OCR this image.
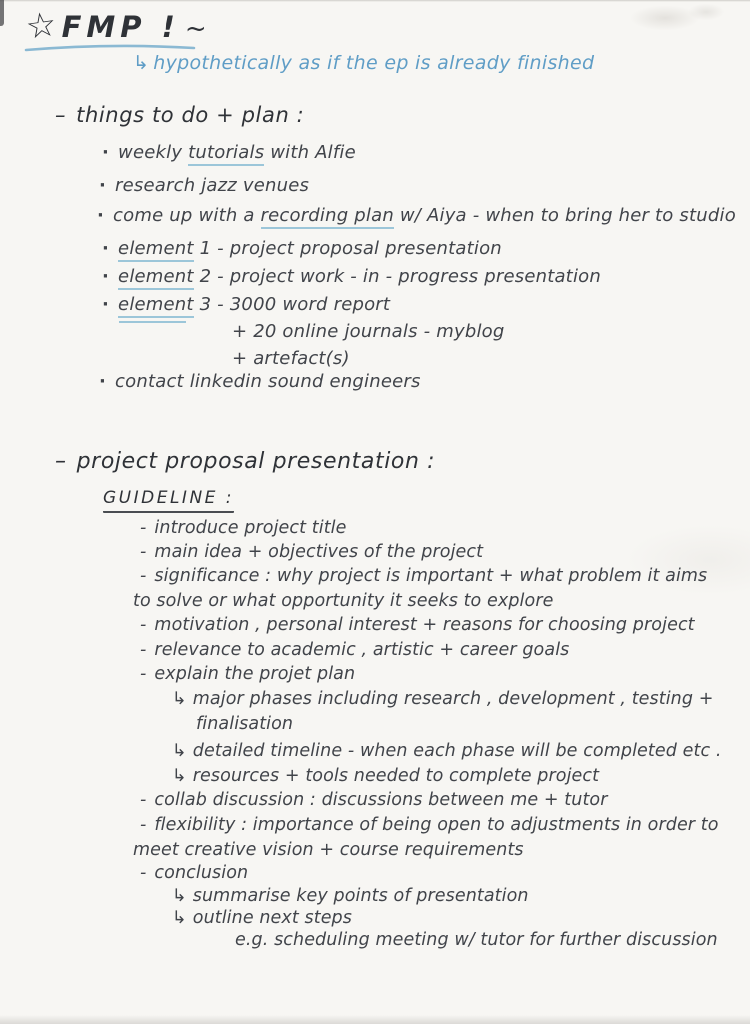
☆ FMP ! ~
↳ hypothetically as if the ep is already finished
– things to do + plan :
· weekly tutorials with Alfie
· research jazz venues
· come up with a recording plan w/ Aiya - when to bring her to studio
· element 1 - project proposal presentation
· element 2 - project work - in - progress presentation
· element 3 - 3000 word report
+ 20 online journals - myblog
+ artefact(s)
· contact linkedin sound engineers
– project proposal presentation :
GUIDELINE :
- introduce project title
- main idea + objectives of the project
- significance : why project is important + what problem it aims
to solve or what opportunity it seeks to explore
- motivation , personal interest + reasons for choosing project
- relevance to academic , artistic + career goals
- explain the projet plan
↳ major phases including research , development , testing +
finalisation
↳ detailed timeline - when each phase will be completed etc .
↳ resources + tools needed to complete project
- collab discussion : discussions between me + tutor
- flexibility : importance of being open to adjustments in order to
meet creative vision + course requirements
- conclusion
↳ summarise key points of presentation
↳ outline next steps
e.g. scheduling meeting w/ tutor for further discussion
